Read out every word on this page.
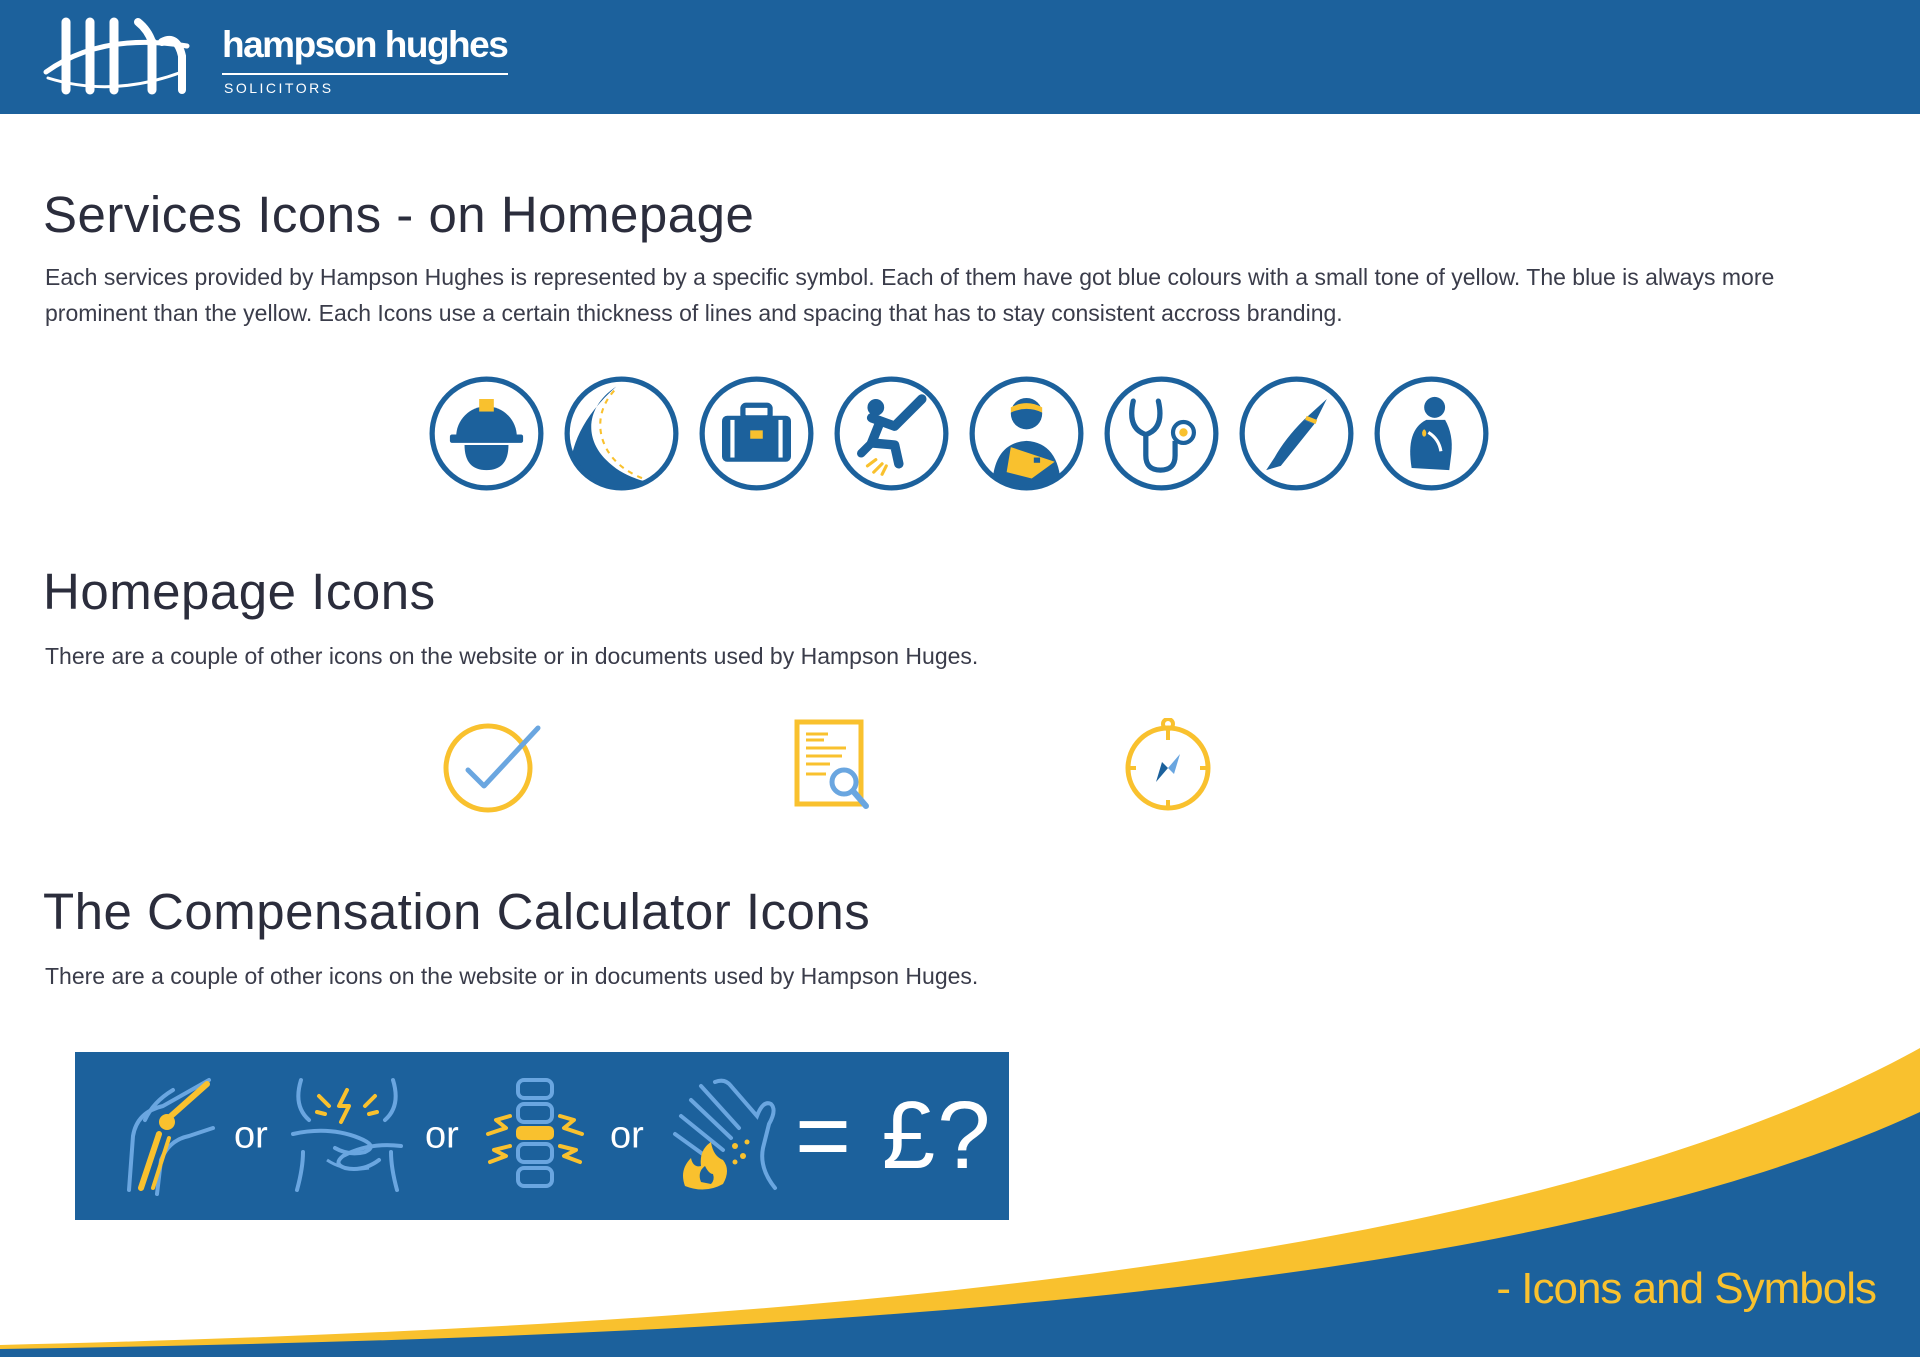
hampson hughes
SOLICITORS
Services Icons - on Homepage

Each services provided by Hampson Hughes is represented by a specific symbol. Each of them have got blue colours with a small tone of yellow. The blue is always more prominent than the yellow. Each Icons use a certain thickness of lines and spacing that has to stay consistent accross branding.

Homepage Icons

There are a couple of other icons on the website or in documents used by Hampson Huges.

The Compensation Calculator Icons

There are a couple of other icons on the website or in documents used by Hampson Huges.

or	or	or = £?
- Icons and Symbols
